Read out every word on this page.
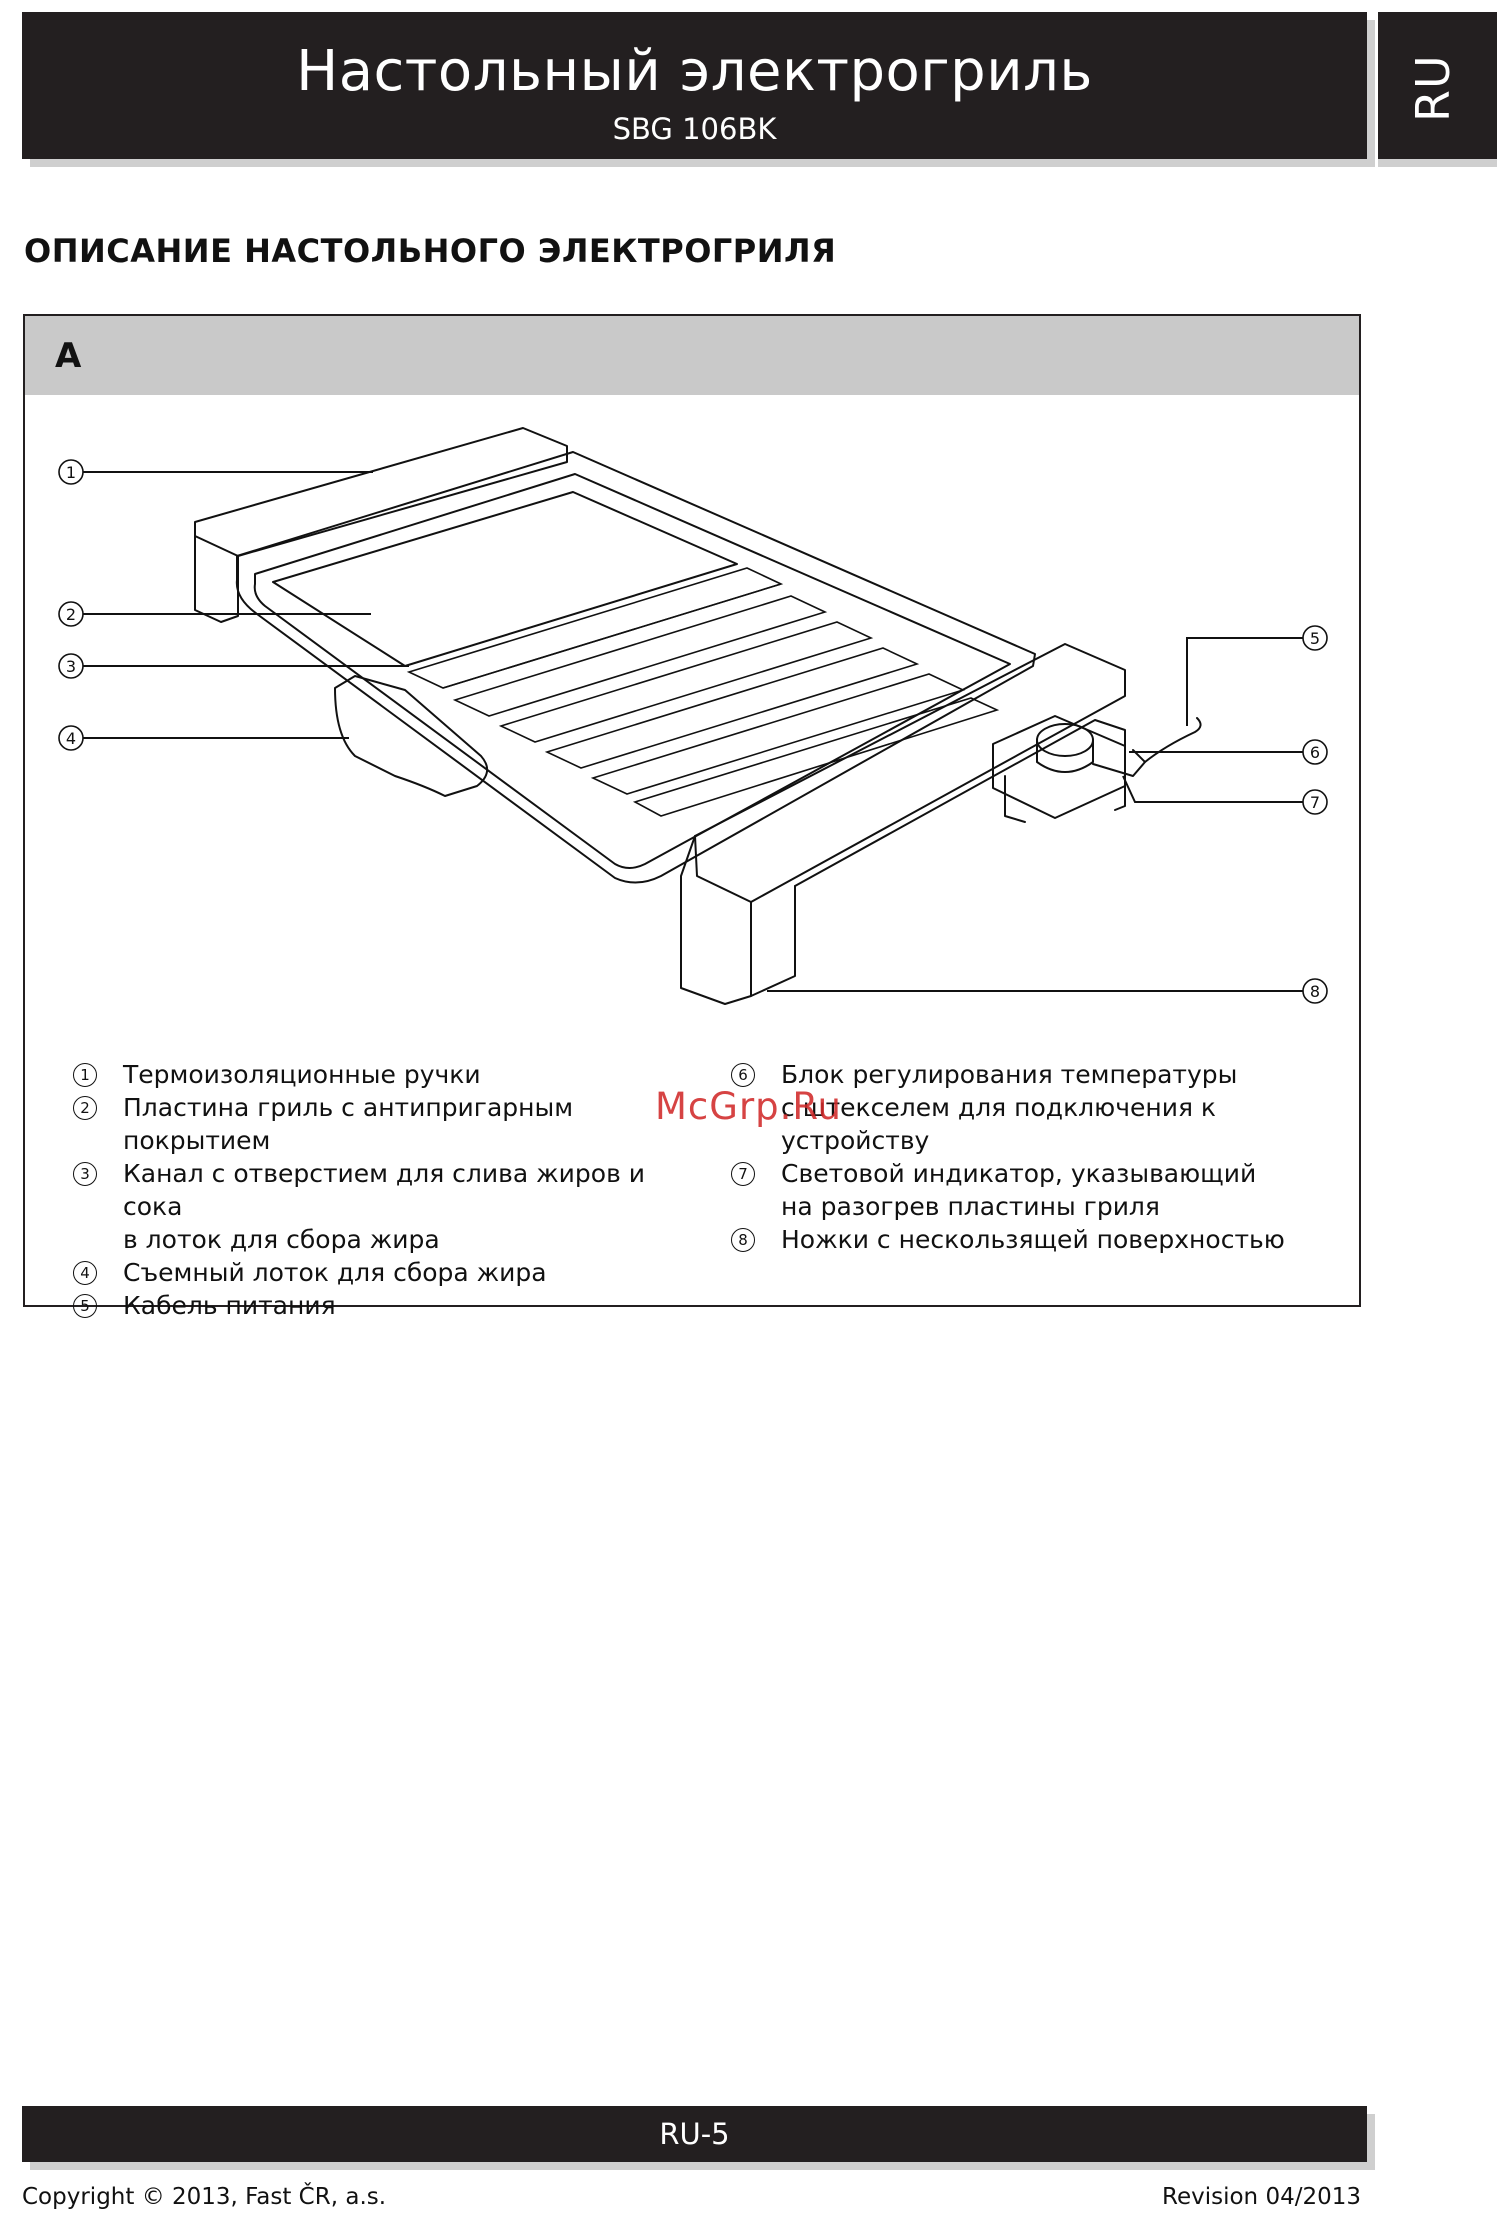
Настольный электрогриль
SBG 106BK
RU
ОПИСАНИЕ НАСТОЛЬНОГО ЭЛЕКТРОГРИЛЯ
A
1
2
3
4
5
6
7
8
1 Термоизоляционные ручки
2 Пластина гриль с антипригарным покрытием
3 Канал с отверстием для слива жиров и сока
в лоток для сбора жира
4 Съемный лоток для сбора жира
5 Кабель питания
6 Блок регулирования температуры
с штекселем для подключения к устройству
7 Световой индикатор, указывающий
на разогрев пластины гриля
8 Ножки с нескользящей поверхностью
McGrp.Ru
RU-5
Copyright © 2013, Fast ČR, a.s.	Revision 04/2013
